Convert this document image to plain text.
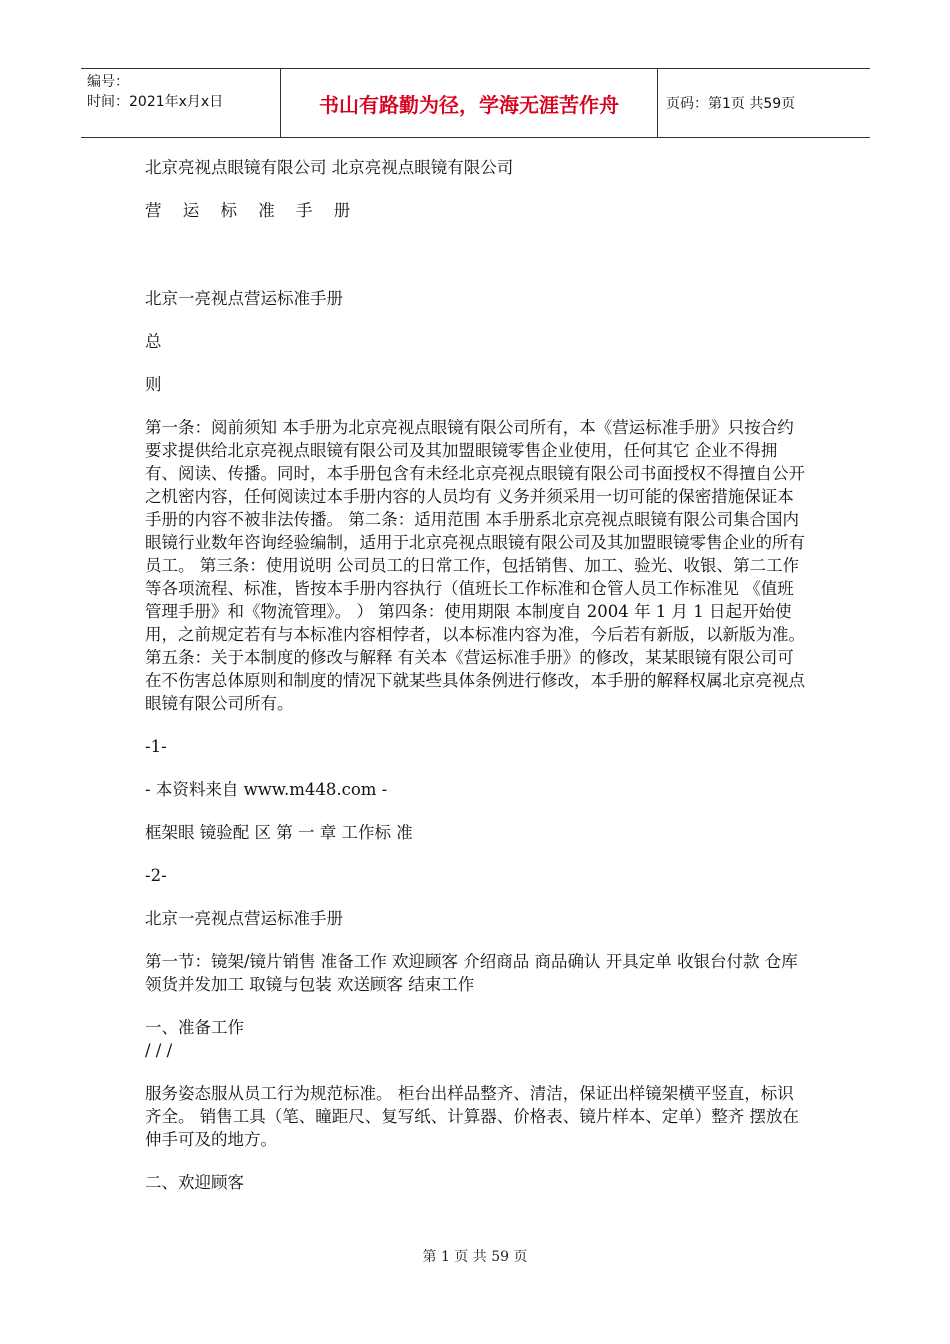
编号：
时间：2021年x月x日	书山有路勤为径，学海无涯苦作舟	页码：第1页 共59页

北京亮视点眼镜有限公司 北京亮视点眼镜有限公司

营 运 标 准 手 册

北京一亮视点营运标准手册

总

则

第一条：阅前须知 本手册为北京亮视点眼镜有限公司所有，本《营运标准手册》只按合约要求提供给北京亮视点眼镜有限公司及其加盟眼镜零售企业使用，任何其它 企业不得拥有、阅读、传播。同时，本手册包含有未经北京亮视点眼镜有限公司书面授权不得擅自公开之机密内容，任何阅读过本手册内容的人员均有 义务并须采用一切可能的保密措施保证本手册的内容不被非法传播。 第二条：适用范围 本手册系北京亮视点眼镜有限公司集合国内眼镜行业数年咨询经验编制，适用于北京亮视点眼镜有限公司及其加盟眼镜零售企业的所有员工。 第三条：使用说明 公司员工的日常工作，包括销售、加工、验光、收银、第二工作等各项流程、标准，皆按本手册内容执行（值班长工作标准和仓管人员工作标准见 《值班管理手册》和《物流管理》。 ） 第四条：使用期限 本制度自 2004 年 1 月 1 日起开始使用，之前规定若有与本标准内容相悖者，以本标准内容为准，今后若有新版，以新版为准。 第五条：关于本制度的修改与解释 有关本《营运标准手册》的修改，某某眼镜有限公司可在不伤害总体原则和制度的情况下就某些具体条例进行修改，本手册的解释权属北京亮视点 眼镜有限公司所有。

-1-

- 本资料来自 www.m448.com -

框架眼 镜验配 区 第 一 章 工作标 准

-2-

北京一亮视点营运标准手册

第一节：镜架/镜片销售 准备工作 欢迎顾客 介绍商品 商品确认 开具定单 收银台付款 仓库领货并发加工 取镜与包装 欢送顾客 结束工作

一、准备工作

/ / /

服务姿态服从员工行为规范标准。 柜台出样品整齐、清洁，保证出样镜架横平竖直，标识齐全。 销售工具（笔、瞳距尺、复写纸、计算器、价格表、镜片样本、定单）整齐 摆放在伸手可及的地方。

二、欢迎顾客

第 1 页 共 59 页
